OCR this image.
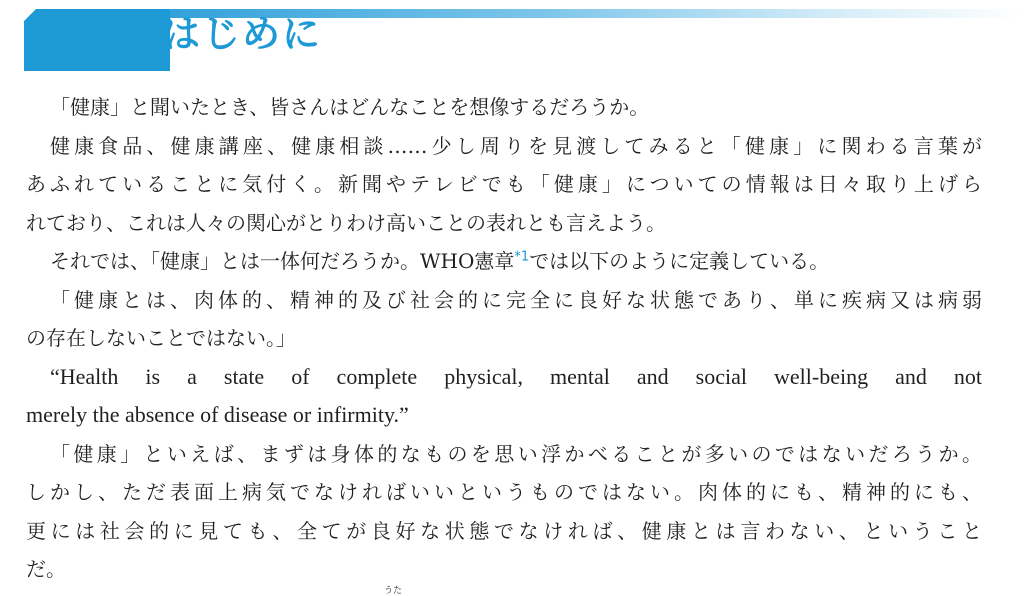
はじめに
「健康」と聞いたとき、皆さんはどんなことを想像するだろうか。
健康食品、健康講座、健康相談……少し周りを見渡してみると「健康」に関わる言葉が
あふれていることに気付く。新聞やテレビでも「健康」についての情報は日々取り上げら
れており、これは人々の関心がとりわけ高いことの表れとも言えよう。
それでは、「健康」とは一体何だろうか。WHO憲章$^{*1}$では以下のように定義している。
「健康とは、肉体的、精神的及び社会的に完全に良好な状態であり、単に疾病又は病弱
の存在しないことではない。」
“Health is a state of complete physical, mental and social well-being and not
merely the absence of disease or infirmity.”
「健康」といえば、まずは身体的なものを思い浮かべることが多いのではないだろうか。
しかし、ただ表面上病気でなければいいというものではない。肉体的にも、精神的にも、
更には社会的に見ても、全てが良好な状態でなければ、健康とは言わない、ということ
だ。
うた
